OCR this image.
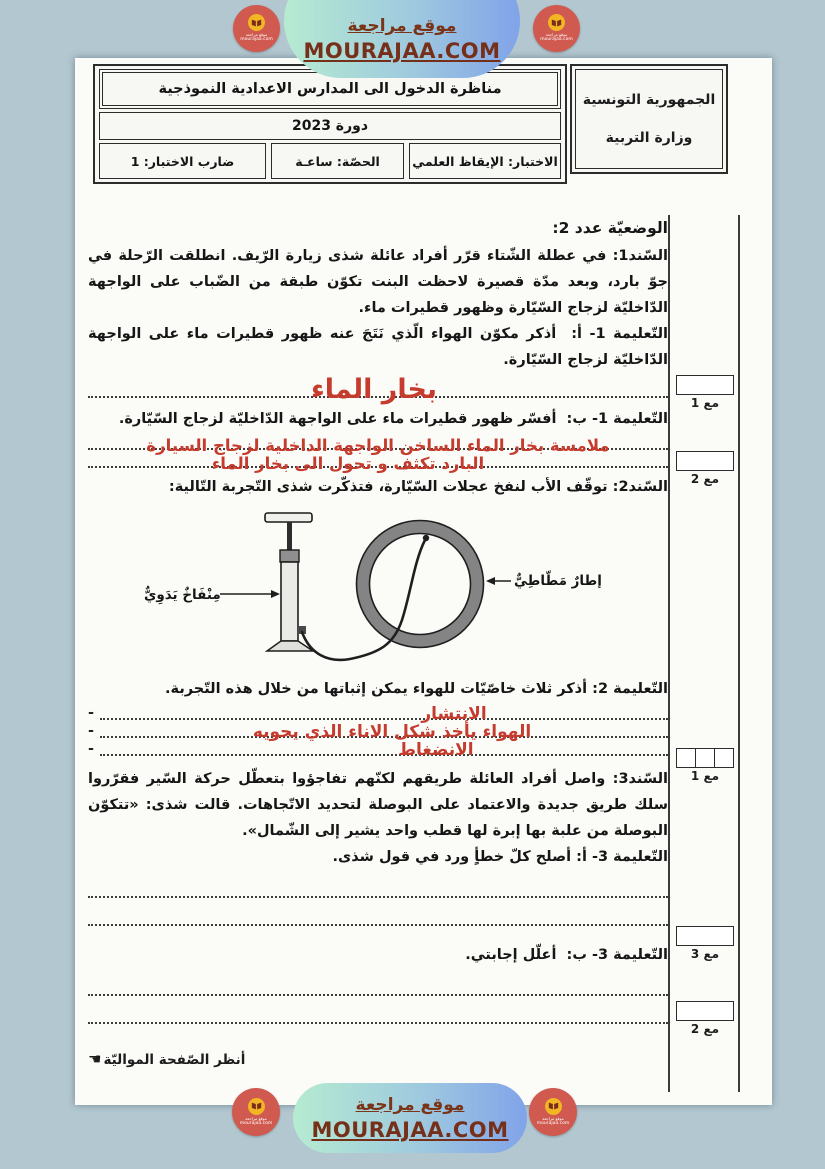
الجمهورية التونسية
وزارة التربية
مناظرة الدخول الى المدارس الاعدادية النموذجية
دورة 2023
الاختبار: الإيقاظ العلمي
الحصّة: ساعـة
ضارب الاختبار: 1
مع 1
مع 2
مع 1
مع 3
مع 2
الوضعيّة عدد 2:

السّند1: في عطلة الشّتاء قرّر أفراد عائلة شذى زيارة الرّيف. انطلقت الرّحلة في جوّ بارد، وبعد مدّة قصيرة لاحظت البنت تكوّن طبقة من الضّباب على الواجهة الدّاخليّة لزجاج السّيّارة وظهور قطيرات ماء.

التّعليمة 1- أ:  أذكر مكوّن الهواء الّذي نَتَجَ عنه ظهور قطيرات ماء على الواجهة الدّاخليّة لزجاج السّيّارة.

بخار الماء

التّعليمة 1- ب:  أفسّر ظهور قطيرات ماء على الواجهة الدّاخليّة لزجاج السّيّارة.

ملامسة بخار الماء الساخن الواجهة الداخلية لزجاج السيارة
البارد تكثف و تحول الى بخار الماء

السّند2: توقّف الأب لنفخ عجلات السّيّارة، فتذكّرت شذى التّجربة التّالية:

مِنْفَاخٌ يَدَوِيٌّ
إطارٌ مَطّاطِيٌّ

التّعليمة 2: أذكر ثلاث خاصّيّات للهواء يمكن إثباتها من خلال هذه التّجربة.

-	الانتشار
-	الهواء يأخذ شكل الاناء الذي يحويه
-	الانضغاط

السّند3: واصل أفراد العائلة طريقهم لكنّهم تفاجؤوا بتعطّل حركة السّير فقرّروا سلك طريق جديدة والاعتماد على البوصلة لتحديد الاتّجاهات. قالت شذى: «تتكوّن البوصلة من علبة بها إبرة لها قطب واحد يشير إلى الشّمال».

التّعليمة 3- أ: أصلح كلّ خطأٍ ورد في قول شذى.

التّعليمة 3- ب:  أعلّل إجابتي.

أنظر الصّفحة المواليّة☚
موقع مراجعة
MOURAJAA.COM
موقع مراجعة
mourajaa.com
موقع مراجعة
mourajaa.com
موقع مراجعة
MOURAJAA.COM
موقع مراجعة
mourajaa.com
موقع مراجعة
mourajaa.com
